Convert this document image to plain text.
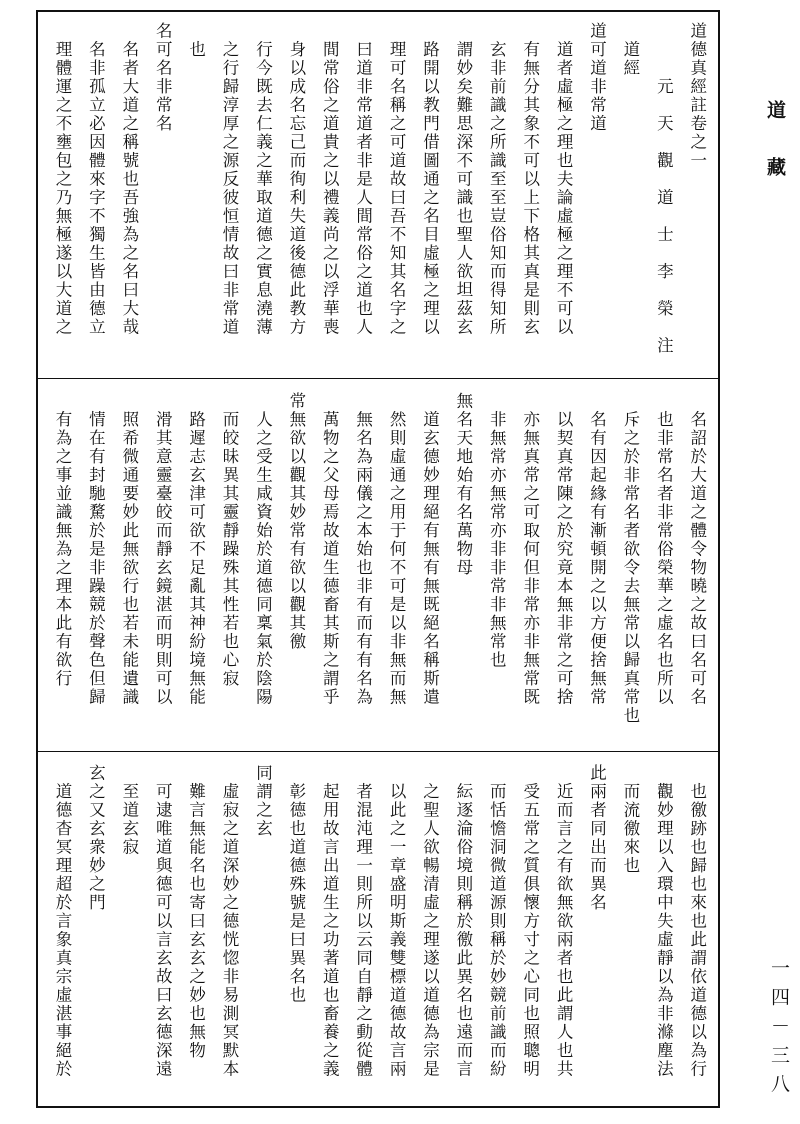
道德真經註卷之一
　　　元　天　觀　道　士　李　榮　注
　道經
道可道非常道
　道者虛極之理也夫論虛極之理不可以
　有無分其象不可以上下格其真是則玄
　玄非前識之所識至至豈俗知而得知所
　謂妙矣難思深不可識也聖人欲坦茲玄
　路開以教門借圖通之名目虛極之理以
　理可名稱之可道故曰吾不知其名字之
　曰道非常道者非是人間常俗之道也人
　間常俗之道貴之以禮義尚之以浮華喪
　身以成名忘己而徇利失道後德此教方
　行今既去仁義之華取道德之實息澆薄
　之行歸淳厚之源反彼恒情故曰非常道
　也
名可名非常名
　名者大道之稱號也吾強為之名曰大哉
　名非孤立必因體來字不獨生皆由德立
　理體運之不壅包之乃無極遂以大道之
　名詔於大道之體令物曉之故曰名可名
　也非常名者非常俗榮華之虛名也所以
　斥之於非常名者欲令去無常以歸真常也
　名有因起緣有漸頓開之以方便捨無常
　以契真常陳之於究竟本無非常之可捨
　亦無真常之可取何但非常亦非無常既
　非無常亦無常亦非非常非無常也
無名天地始有名萬物母
　道玄德妙理絕有無有無既絕名稱斯遣
　然則虛通之用于何不可是以非無而無
　無名為兩儀之本始也非有而有有名為
　萬物之父母焉故道生德畜其斯之謂乎
常無欲以觀其妙常有欲以觀其徼
　人之受生咸資始於道德同稟氣於陰陽
　而皎昧異其靈靜躁殊其性若也心寂
　路遲志玄津可欲不足亂其神紛境無能
　滑其意靈臺皎而靜玄鏡湛而明則可以
　照希微通要妙此無欲行也若未能遺識
　情在有封馳騖於是非躁競於聲色但歸
　有為之事並識無為之理本此有欲行
　也徼跡也歸也來也此謂依道德以為行
　觀妙理以入環中失虛靜以為非滌塵法
　而流徼來也
此兩者同出而異名
　近而言之有欲無欲兩者也此謂人也共
　受五常之質俱懷方寸之心同也照聰明
　而恬憺洞微道源則稱於妙競前識而紛
　紜逐淪俗境則稱於徼此異名也遠而言
　之聖人欲暢清虛之理遂以道德為宗是
　以此之一章盛明斯義雙標道德故言兩
　者混沌理一則所以云同自靜之動從體
　起用故言出道生之功著道也畜養之義
　彰德也道德殊號是曰異名也
同謂之玄
　虛寂之道深妙之德恍惚非易測冥默本
　難言無能名也寄曰玄玄之妙也無物
　可逮唯道與德可以言玄故曰玄德深遠
　至道玄寂
玄之又玄衆妙之門
　道德杳冥理超於言象真宗虛湛事絕於
道藏
一四－三八
